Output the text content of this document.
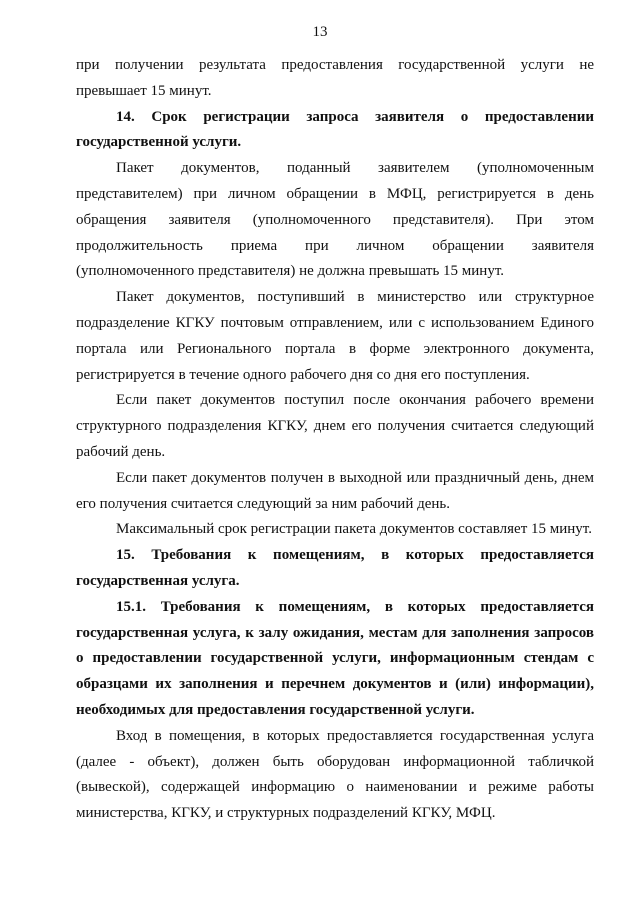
13

при получении результата предоставления государственной услуги не превышает 15 минут.

14. Срок регистрации запроса заявителя о предоставлении государственной услуги.

Пакет документов, поданный заявителем (уполномоченным представителем) при личном обращении в МФЦ, регистрируется в день обращения заявителя (уполномоченного представителя). При этом продолжительность приема при личном обращении заявителя (уполномоченного представителя) не должна превышать 15 минут.

Пакет документов, поступивший в министерство или структурное подразделение КГКУ почтовым отправлением, или с использованием Единого портала или Регионального портала в форме электронного документа, регистрируется в течение одного рабочего дня со дня его поступления.

Если пакет документов поступил после окончания рабочего времени структурного подразделения КГКУ, днем его получения считается следующий рабочий день.

Если пакет документов получен в выходной или праздничный день, днем его получения считается следующий за ним рабочий день.

Максимальный срок регистрации пакета документов составляет 15 минут.

15. Требования к помещениям, в которых предоставляется государственная услуга.

15.1. Требования к помещениям, в которых предоставляется государственная услуга, к залу ожидания, местам для заполнения запросов о предоставлении государственной услуги, информационным стендам с образцами их заполнения и перечнем документов и (или) информации), необходимых для предоставления государственной услуги.

Вход в помещения, в которых предоставляется государственная услуга (далее - объект), должен быть оборудован информационной табличкой (вывеской), содержащей информацию о наименовании и режиме работы министерства, КГКУ, и структурных подразделений КГКУ, МФЦ.
